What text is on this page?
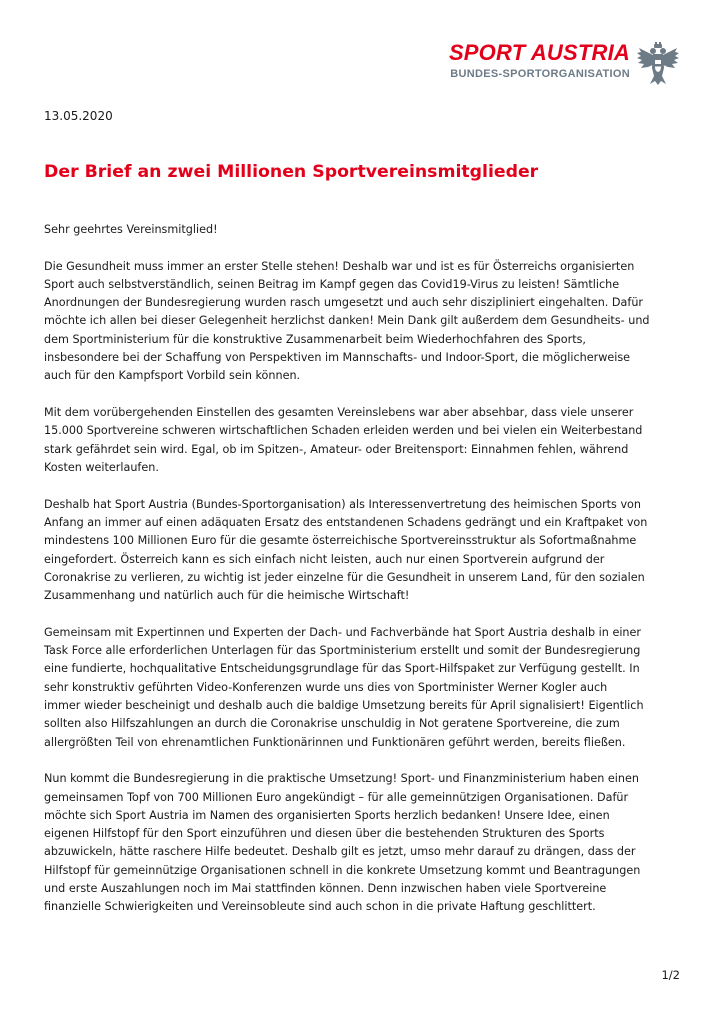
SPORT AUSTRIA
BUNDES-SPORTORGANISATION
13.05.2020
Der Brief an zwei Millionen Sportvereinsmitglieder

Sehr geehrtes Vereinsmitglied!

Die Gesundheit muss immer an erster Stelle stehen! Deshalb war und ist es für Österreichs organisierten
Sport auch selbstverständlich, seinen Beitrag im Kampf gegen das Covid19-Virus zu leisten! Sämtliche
Anordnungen der Bundesregierung wurden rasch umgesetzt und auch sehr diszipliniert eingehalten. Dafür
möchte ich allen bei dieser Gelegenheit herzlichst danken! Mein Dank gilt außerdem dem Gesundheits- und
dem Sportministerium für die konstruktive Zusammenarbeit beim Wiederhochfahren des Sports,
insbesondere bei der Schaffung von Perspektiven im Mannschafts- und Indoor-Sport, die möglicherweise
auch für den Kampfsport Vorbild sein können.

Mit dem vorübergehenden Einstellen des gesamten Vereinslebens war aber absehbar, dass viele unserer
15.000 Sportvereine schweren wirtschaftlichen Schaden erleiden werden und bei vielen ein Weiterbestand
stark gefährdet sein wird. Egal, ob im Spitzen-, Amateur- oder Breitensport: Einnahmen fehlen, während
Kosten weiterlaufen.

Deshalb hat Sport Austria (Bundes-Sportorganisation) als Interessenvertretung des heimischen Sports von
Anfang an immer auf einen adäquaten Ersatz des entstandenen Schadens gedrängt und ein Kraftpaket von
mindestens 100 Millionen Euro für die gesamte österreichische Sportvereinsstruktur als Sofortmaßnahme
eingefordert. Österreich kann es sich einfach nicht leisten, auch nur einen Sportverein aufgrund der
Coronakrise zu verlieren, zu wichtig ist jeder einzelne für die Gesundheit in unserem Land, für den sozialen
Zusammenhang und natürlich auch für die heimische Wirtschaft!

Gemeinsam mit Expertinnen und Experten der Dach- und Fachverbände hat Sport Austria deshalb in einer
Task Force alle erforderlichen Unterlagen für das Sportministerium erstellt und somit der Bundesregierung
eine fundierte, hochqualitative Entscheidungsgrundlage für das Sport-Hilfspaket zur Verfügung gestellt. In
sehr konstruktiv geführten Video-Konferenzen wurde uns dies von Sportminister Werner Kogler auch
immer wieder bescheinigt und deshalb auch die baldige Umsetzung bereits für April signalisiert! Eigentlich
sollten also Hilfszahlungen an durch die Coronakrise unschuldig in Not geratene Sportvereine, die zum
allergrößten Teil von ehrenamtlichen Funktionärinnen und Funktionären geführt werden, bereits fließen.

Nun kommt die Bundesregierung in die praktische Umsetzung! Sport- und Finanzministerium haben einen
gemeinsamen Topf von 700 Millionen Euro angekündigt – für alle gemeinnützigen Organisationen. Dafür
möchte sich Sport Austria im Namen des organisierten Sports herzlich bedanken! Unsere Idee, einen
eigenen Hilfstopf für den Sport einzuführen und diesen über die bestehenden Strukturen des Sports
abzuwickeln, hätte raschere Hilfe bedeutet. Deshalb gilt es jetzt, umso mehr darauf zu drängen, dass der
Hilfstopf für gemeinnützige Organisationen schnell in die konkrete Umsetzung kommt und Beantragungen
und erste Auszahlungen noch im Mai stattfinden können. Denn inzwischen haben viele Sportvereine
finanzielle Schwierigkeiten und Vereinsobleute sind auch schon in die private Haftung geschlittert.

1/2
